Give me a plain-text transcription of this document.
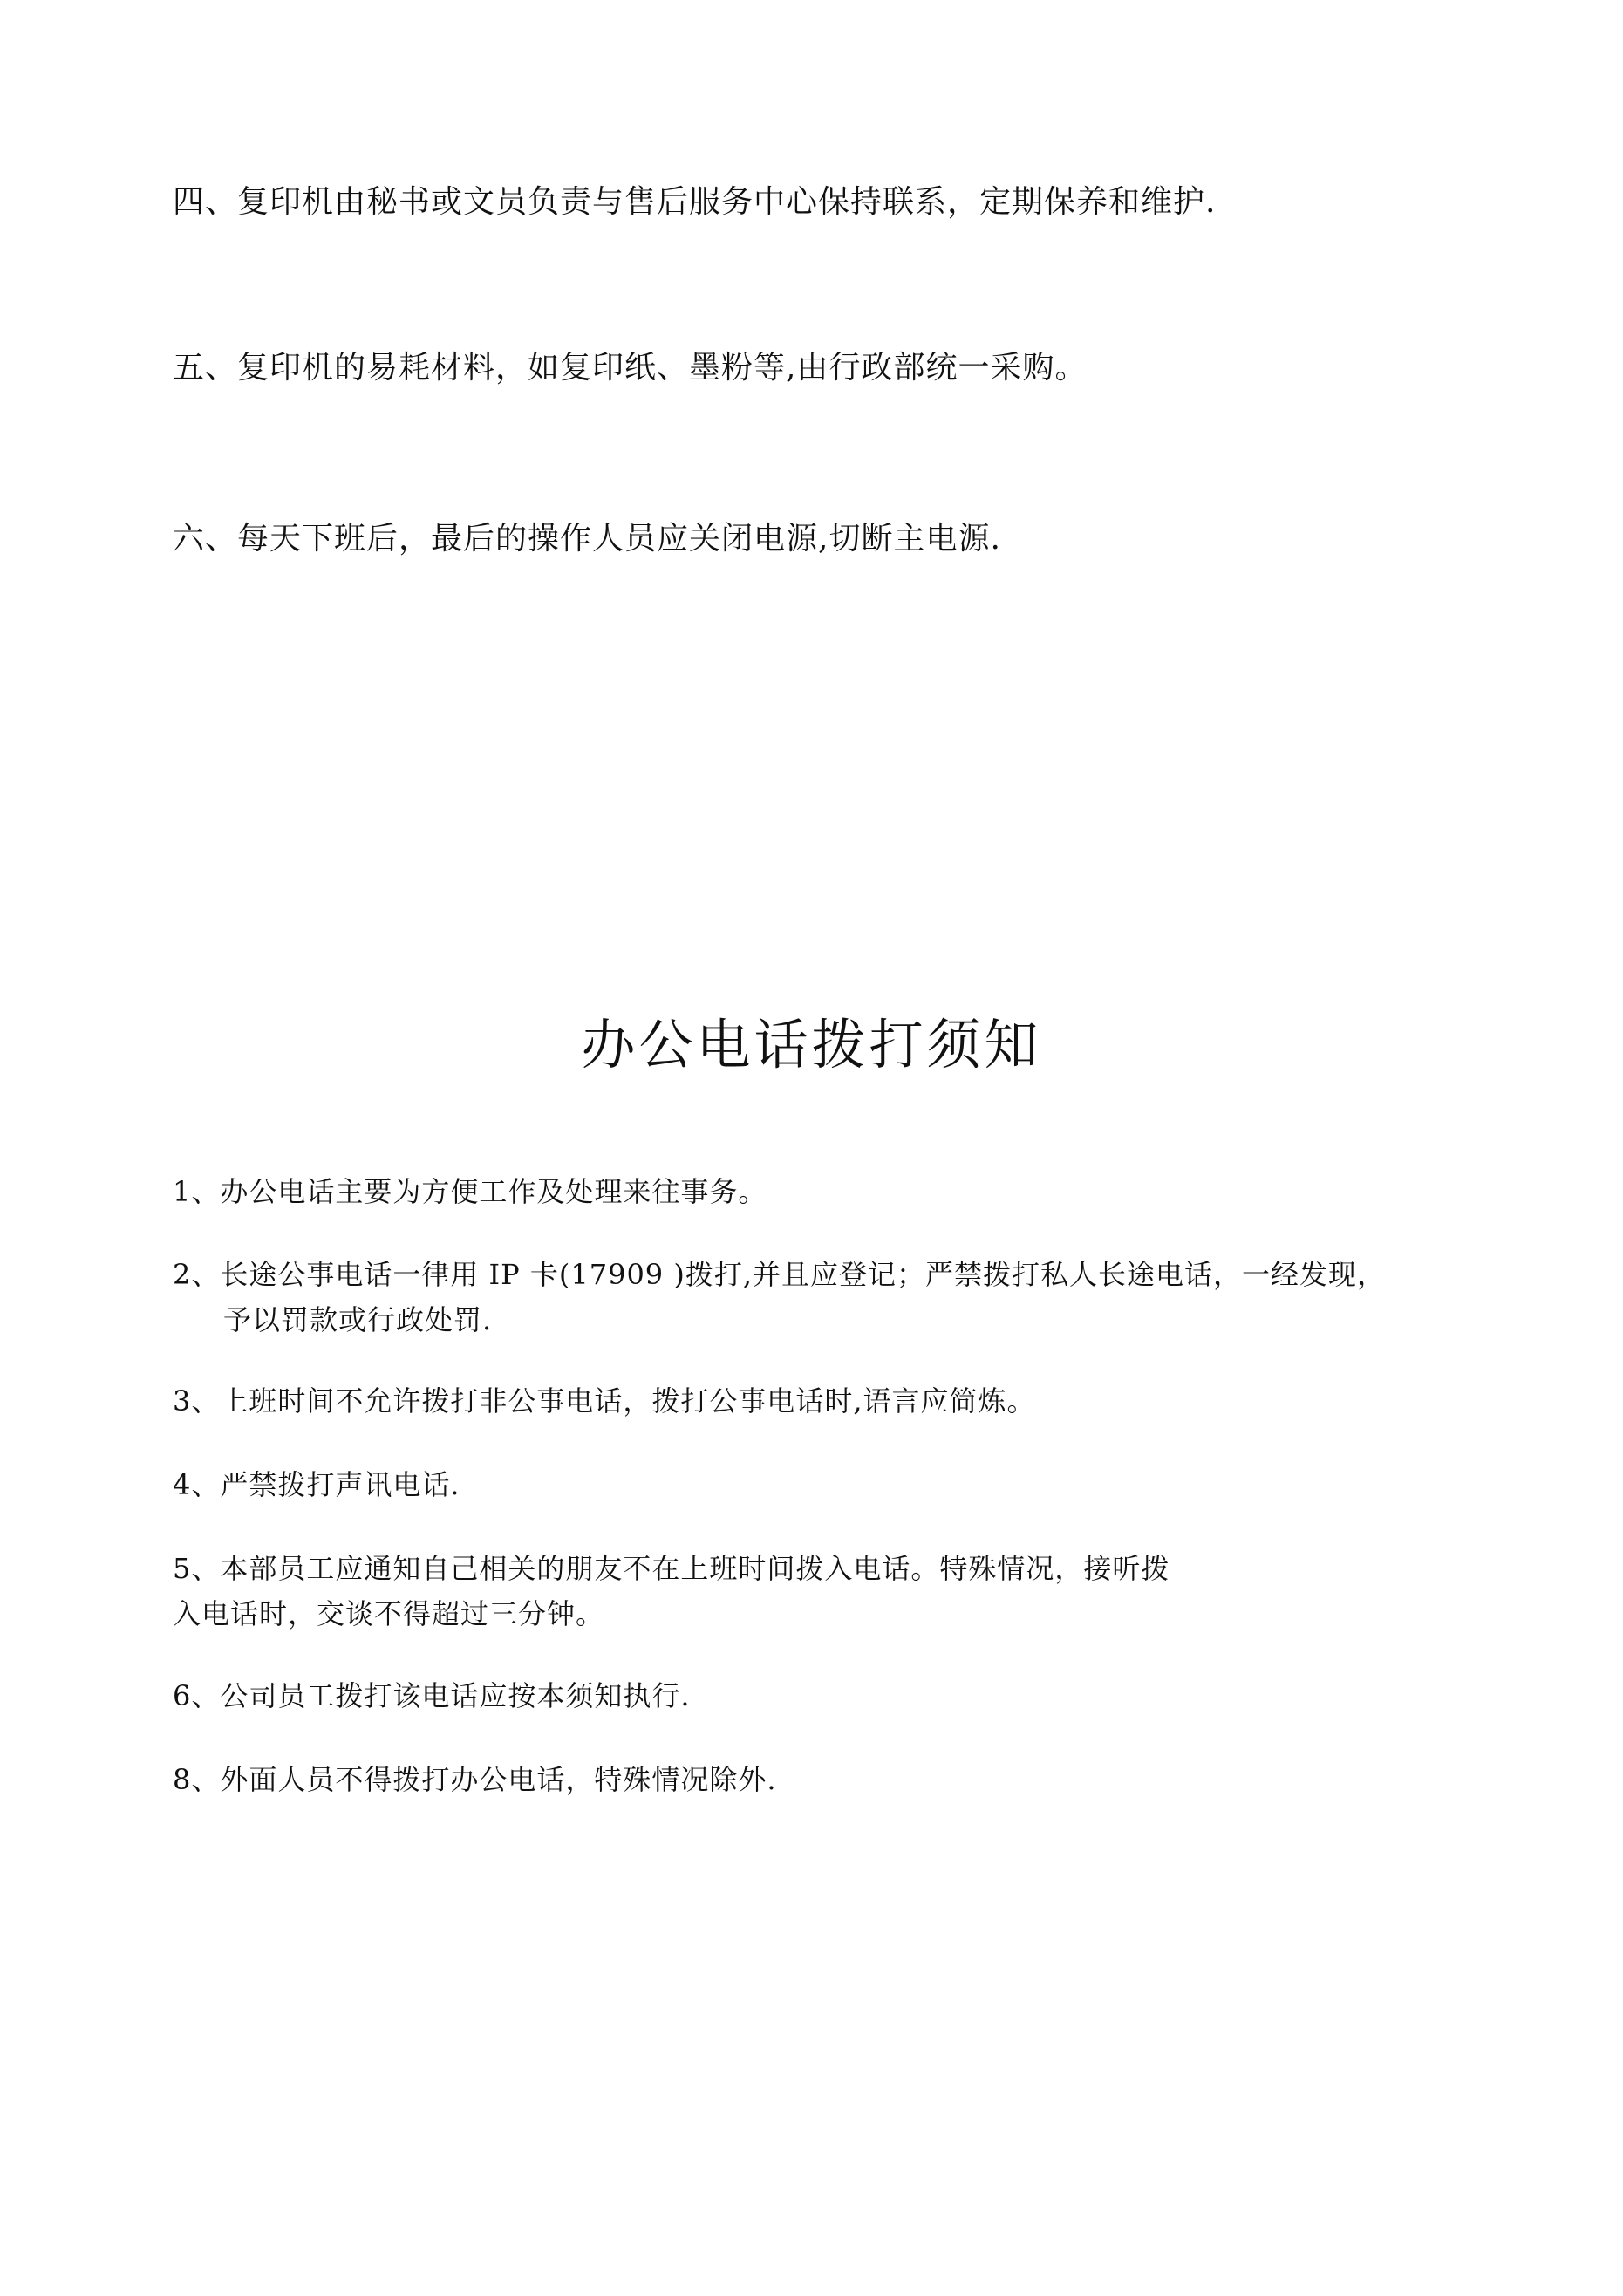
四、复印机由秘书或文员负责与售后服务中心保持联系，定期保养和维护.
五、复印机的易耗材料，如复印纸、墨粉等,由行政部统一采购。
六、每天下班后，最后的操作人员应关闭电源,切断主电源.
办公电话拨打须知
1、办公电话主要为方便工作及处理来往事务。
2、长途公事电话一律用 IP 卡(17909 )拨打,并且应登记；严禁拨打私人长途电话，一经发现，
予以罚款或行政处罚.
3、上班时间不允许拨打非公事电话，拨打公事电话时,语言应简炼。
4、严禁拨打声讯电话.
5、本部员工应通知自己相关的朋友不在上班时间拨入电话。特殊情况，接听拨
入电话时，交谈不得超过三分钟。
6、公司员工拨打该电话应按本须知执行.
8、外面人员不得拨打办公电话，特殊情况除外.
